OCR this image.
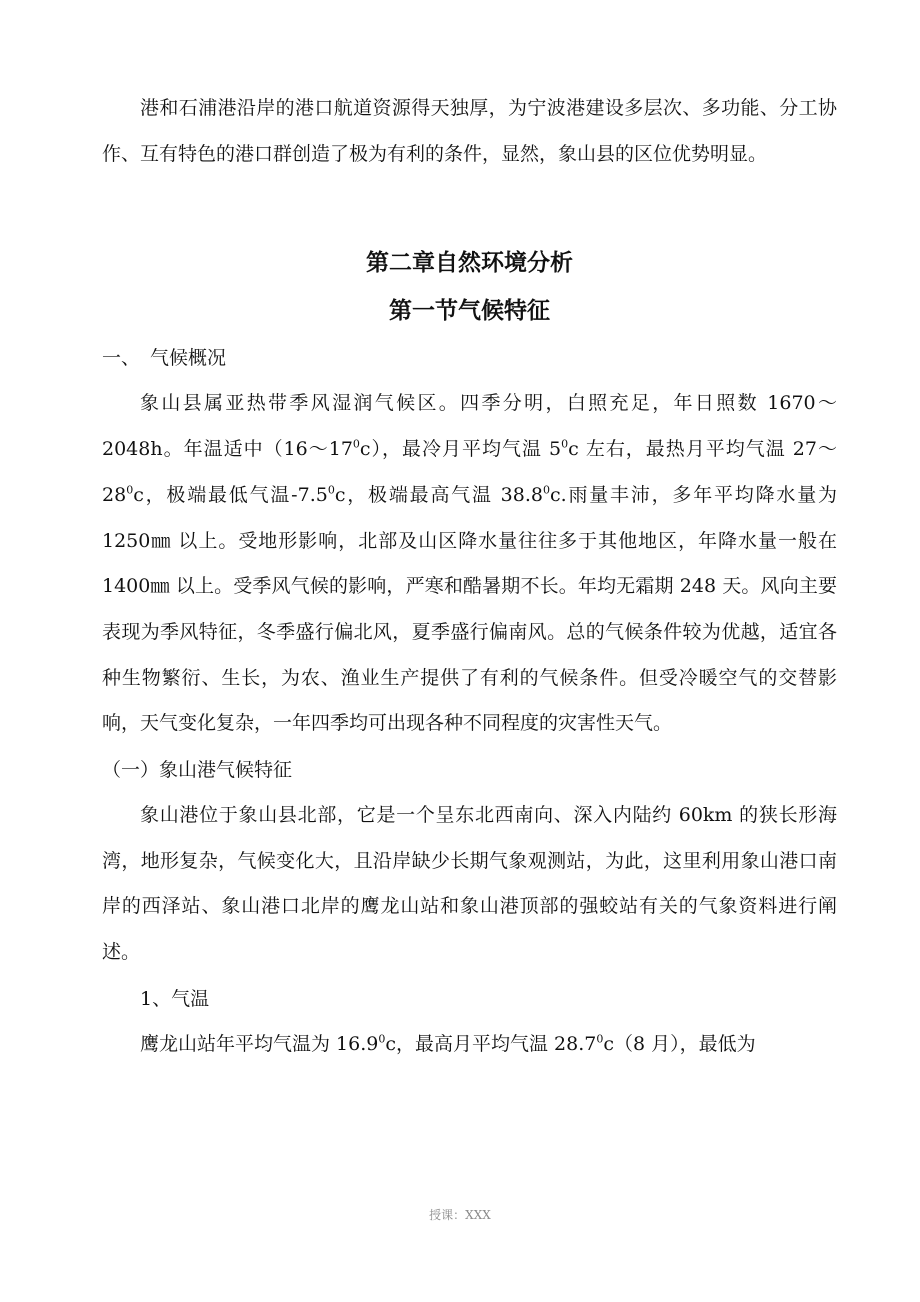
港和石浦港沿岸的港口航道资源得天独厚，为宁波港建设多层次、多功能、分工协作、互有特色的港口群创造了极为有利的条件，显然，象山县的区位优势明显。

第二章自然环境分析
第一节气候特征

一、 气候概况

象山县属亚热带季风湿润气候区。四季分明，白照充足，年日照数 1670～2048h。年温适中$(16\sim 17^0c)$，最冷月平均气温 $5^0c$ 左右，最热月平均气温 $27\sim 28^0c$，极端最低气温$-7.5^0c$，极端最高气温 38.8$^0$c.雨量丰沛，多年平均降水量为 1250㎜ 以上。受地形影响，北部及山区降水量往往多于其他地区，年降水量一般在 1400㎜ 以上。受季风气候的影响，严寒和酷暑期不长。年均无霜期 248 天。风向主要表现为季风特征，冬季盛行偏北风，夏季盛行偏南风。总的气候条件较为优越，适宜各种生物繁衍、生长，为农、渔业生产提供了有利的气候条件。但受冷暖空气的交替影响，天气变化复杂，一年四季均可出现各种不同程度的灾害性天气。

（一）象山港气候特征

象山港位于象山县北部，它是一个呈东北西南向、深入内陆约 60km 的狭长形海湾，地形复杂，气候变化大，且沿岸缺少长期气象观测站，为此，这里利用象山港口南岸的西泽站、象山港口北岸的鹰龙山站和象山港顶部的强蛟站有关的气象资料进行阐述。

1、气温

鹰龙山站年平均气温为 16.9$^0$c，最高月平均气温 28.7$^0$c（8 月），最低为

授课：XXX
